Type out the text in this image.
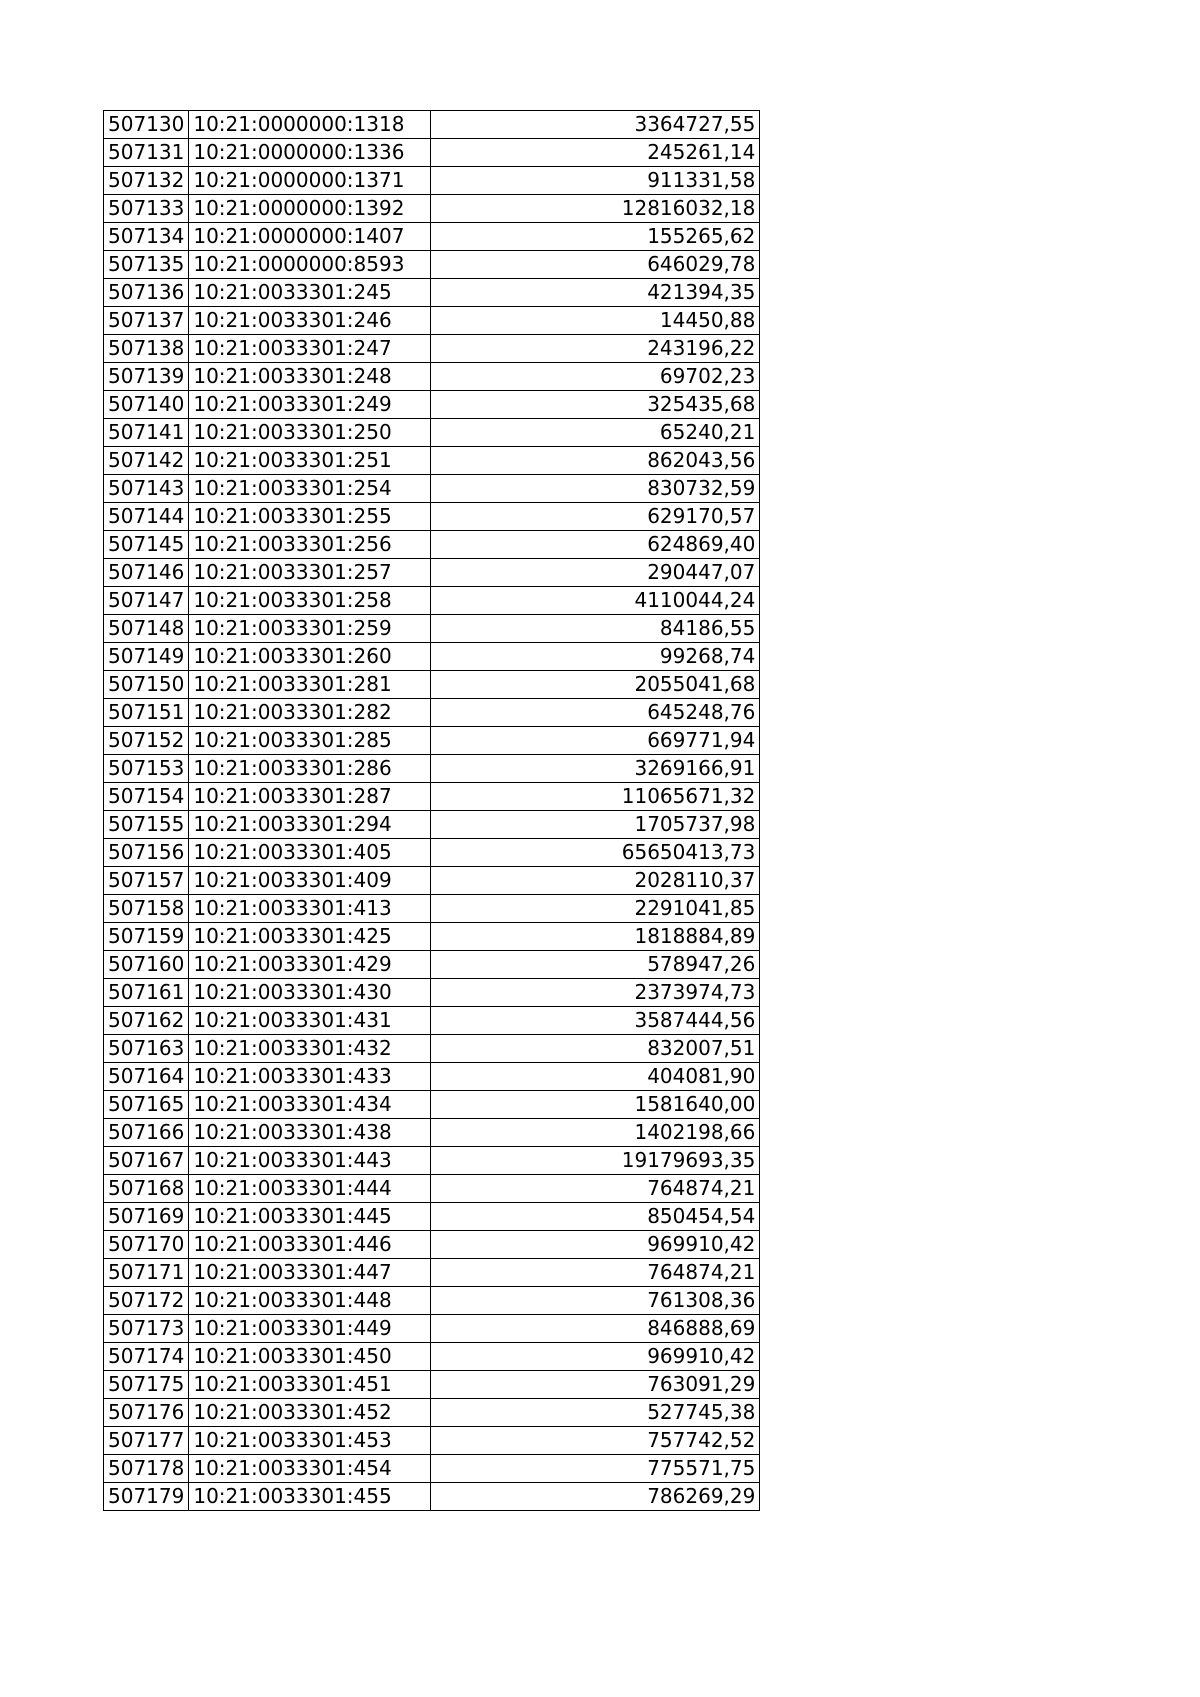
507130	10:21:0000000:1318	3364727,55
507131	10:21:0000000:1336	245261,14
507132	10:21:0000000:1371	911331,58
507133	10:21:0000000:1392	12816032,18
507134	10:21:0000000:1407	155265,62
507135	10:21:0000000:8593	646029,78
507136	10:21:0033301:245	421394,35
507137	10:21:0033301:246	14450,88
507138	10:21:0033301:247	243196,22
507139	10:21:0033301:248	69702,23
507140	10:21:0033301:249	325435,68
507141	10:21:0033301:250	65240,21
507142	10:21:0033301:251	862043,56
507143	10:21:0033301:254	830732,59
507144	10:21:0033301:255	629170,57
507145	10:21:0033301:256	624869,40
507146	10:21:0033301:257	290447,07
507147	10:21:0033301:258	4110044,24
507148	10:21:0033301:259	84186,55
507149	10:21:0033301:260	99268,74
507150	10:21:0033301:281	2055041,68
507151	10:21:0033301:282	645248,76
507152	10:21:0033301:285	669771,94
507153	10:21:0033301:286	3269166,91
507154	10:21:0033301:287	11065671,32
507155	10:21:0033301:294	1705737,98
507156	10:21:0033301:405	65650413,73
507157	10:21:0033301:409	2028110,37
507158	10:21:0033301:413	2291041,85
507159	10:21:0033301:425	1818884,89
507160	10:21:0033301:429	578947,26
507161	10:21:0033301:430	2373974,73
507162	10:21:0033301:431	3587444,56
507163	10:21:0033301:432	832007,51
507164	10:21:0033301:433	404081,90
507165	10:21:0033301:434	1581640,00
507166	10:21:0033301:438	1402198,66
507167	10:21:0033301:443	19179693,35
507168	10:21:0033301:444	764874,21
507169	10:21:0033301:445	850454,54
507170	10:21:0033301:446	969910,42
507171	10:21:0033301:447	764874,21
507172	10:21:0033301:448	761308,36
507173	10:21:0033301:449	846888,69
507174	10:21:0033301:450	969910,42
507175	10:21:0033301:451	763091,29
507176	10:21:0033301:452	527745,38
507177	10:21:0033301:453	757742,52
507178	10:21:0033301:454	775571,75
507179	10:21:0033301:455	786269,29
